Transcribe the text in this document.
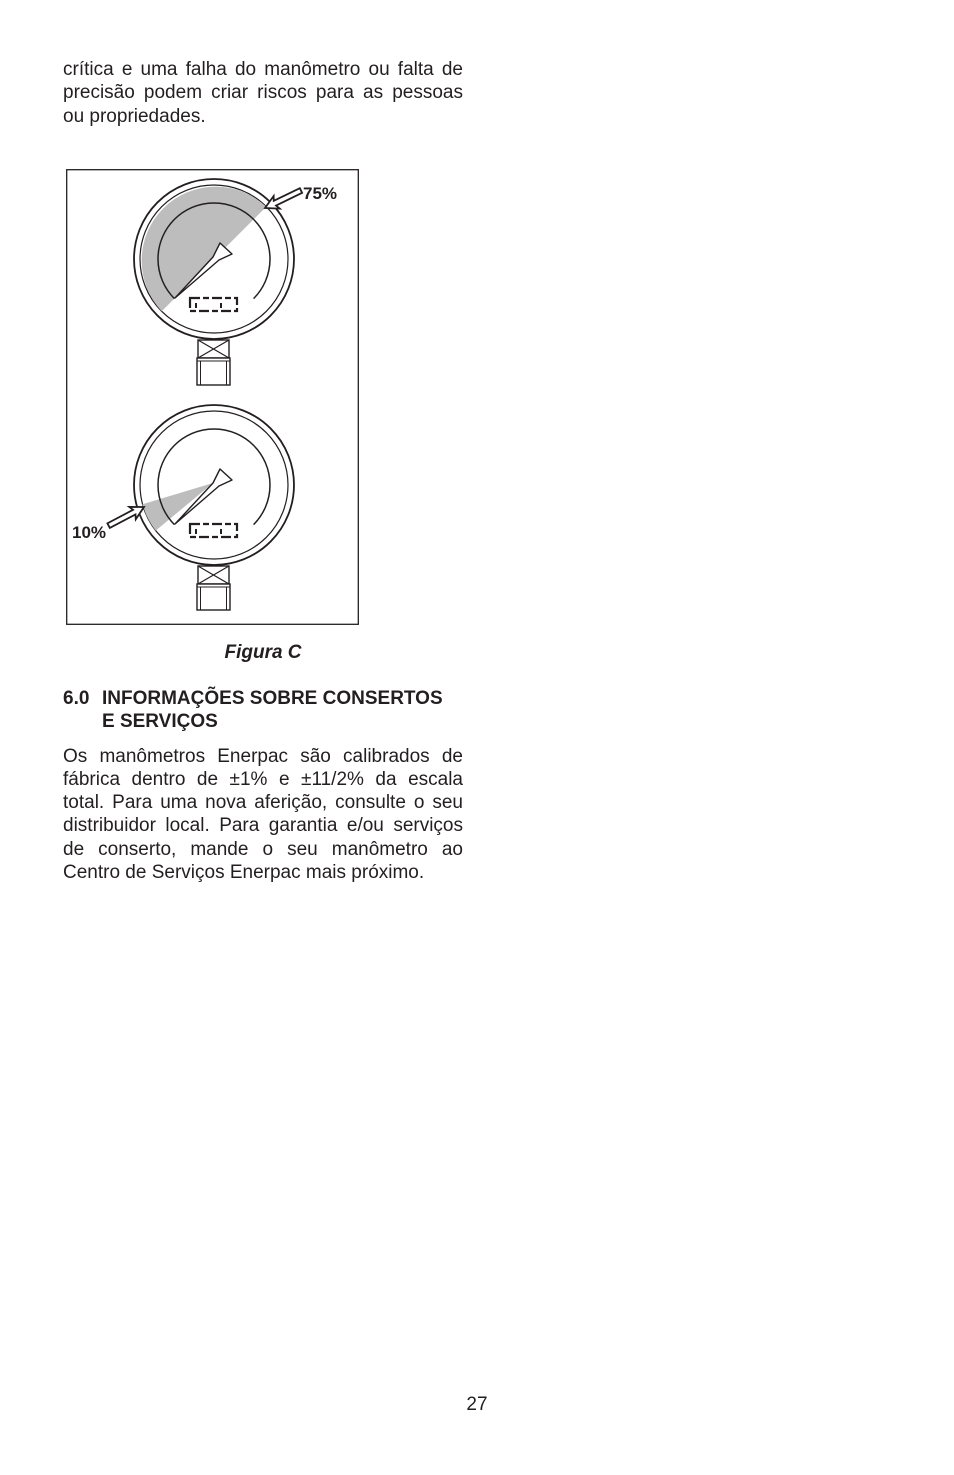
crítica e uma falha do manômetro ou falta de
precisão podem criar riscos para as pessoas
ou propriedades.
75%
10%
Figura C
6.0 INFORMAÇÕES SOBRE CONSERTOS
E SERVIÇOS
Os manômetros Enerpac são calibrados de
fábrica dentro de ±1% e ±11/2% da escala
total. Para uma nova aferição, consulte o seu
distribuidor local. Para garantia e/ou serviços
de conserto, mande o seu manômetro ao
Centro de Serviços Enerpac mais próximo.
27
